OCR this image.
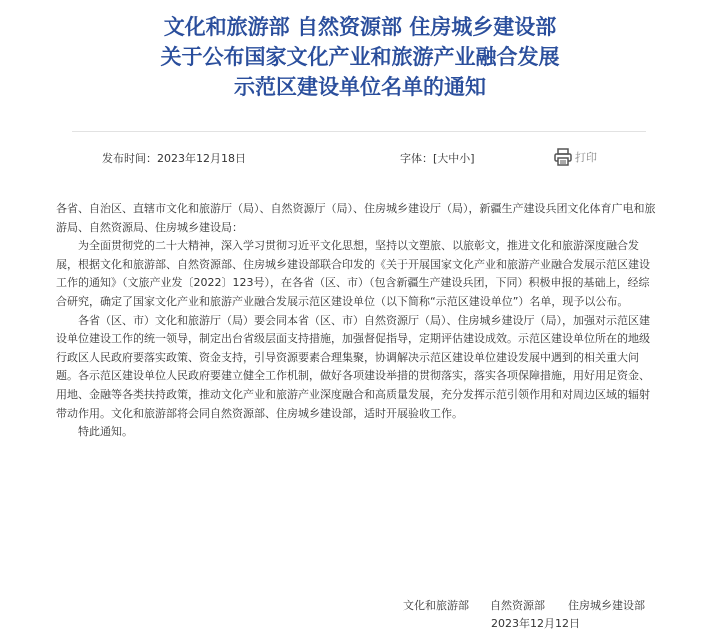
文化和旅游部 自然资源部 住房城乡建设部
关于公布国家文化产业和旅游产业融合发展
示范区建设单位名单的通知
发布时间：2023年12月18日	字体：[大中小]	打印

各省、自治区、直辖市文化和旅游厅（局）、自然资源厅（局）、住房城乡建设厅（局），新疆生产建设兵团文化体育广电和旅游局、自然资源局、住房城乡建设局：

为全面贯彻党的二十大精神，深入学习贯彻习近平文化思想，坚持以文塑旅、以旅彰文，推进文化和旅游深度融合发展，根据文化和旅游部、自然资源部、住房城乡建设部联合印发的《关于开展国家文化产业和旅游产业融合发展示范区建设工作的通知》（文旅产业发〔2022〕123号），在各省（区、市）（包含新疆生产建设兵团，下同）积极申报的基础上，经综合研究，确定了国家文化产业和旅游产业融合发展示范区建设单位（以下简称“示范区建设单位”）名单，现予以公布。

各省（区、市）文化和旅游厅（局）要会同本省（区、市）自然资源厅（局）、住房城乡建设厅（局），加强对示范区建设单位建设工作的统一领导，制定出台省级层面支持措施，加强督促指导，定期评估建设成效。示范区建设单位所在的地级行政区人民政府要落实政策、资金支持，引导资源要素合理集聚，协调解决示范区建设单位建设发展中遇到的相关重大问题。各示范区建设单位人民政府要建立健全工作机制，做好各项建设举措的贯彻落实，落实各项保障措施，用好用足资金、用地、金融等各类扶持政策，推动文化产业和旅游产业深度融合和高质量发展，充分发挥示范引领作用和对周边区域的辐射带动作用。文化和旅游部将会同自然资源部、住房城乡建设部，适时开展验收工作。

特此通知。

文化和旅游部 自然资源部 住房城乡建设部
2023年12月12日
